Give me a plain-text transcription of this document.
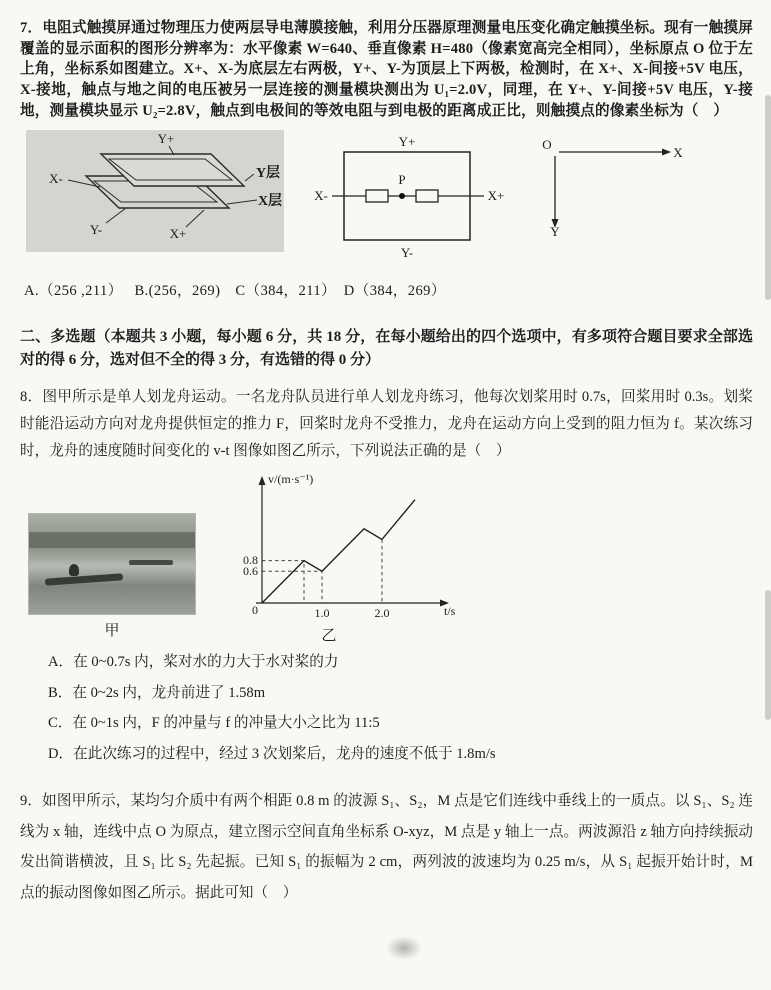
7．电阻式触摸屏通过物理压力使两层导电薄膜接触，利用分压器原理测量电压变化确定触摸坐标。现有一触摸屏覆盖的显示面积的图形分辨率为：水平像素 W=640、垂直像素 H=480（像素宽高完全相同），坐标原点 O 位于左上角，坐标系如图建立。X+、X-为底层左右两极，Y+、Y-为顶层上下两极，检测时，在 X+、X-间接+5V 电压，X-接地，触点与地之间的电压被另一层连接的测量模块测出为 U₁=2.0V，同理，在 Y+、Y-间接+5V 电压，Y-接地，测量模块显示 U₂=2.8V，触点到电极间的等效电阻与到电极的距离成正比，则触摸点的像素坐标为（　）

Y+
X-	Y层
X层
Y-	X+
Y+
Y-
X-	X+
P
O
X
Y

A.（256 ,211）　 B.(256，269)　C（384，211）　D（384，269）

二、多选题（本题共 3 小题，每小题 6 分，共 18 分，在每小题给出的四个选项中，有多项符合题目要求全部选对的得 6 分，选对但不全的得 3 分，有选错的得 0 分）

8．图甲所示是单人划龙舟运动。一名龙舟队员进行单人划龙舟练习，他每次划桨用时 0.7s，回桨用时 0.3s。划桨时能沿运动方向对龙舟提供恒定的推力 F，回桨时龙舟不受推力，龙舟在运动方向上受到的阻力恒为 f。某次练习时，龙舟的速度随时间变化的 v-t 图像如图乙所示，下列说法正确的是（　）

甲
v/(m·s⁻¹)
t/s
0.8
0.6
1.0	2.0
0
乙

A．在 0~0.7s 内，桨对水的力大于水对桨的力

B．在 0~2s 内，龙舟前进了 1.58m

C．在 0~1s 内，F 的冲量与 f 的冲量大小之比为 11:5

D．在此次练习的过程中，经过 3 次划桨后，龙舟的速度不低于 1.8m/s

9．如图甲所示，某均匀介质中有两个相距 0.8 m 的波源 S₁、S₂，M 点是它们连线中垂线上的一质点。以 S₁、S₂ 连线为 x 轴，连线中点 O 为原点，建立图示空间直角坐标系 O-xyz，M 点是 y 轴上一点。两波源沿 z 轴方向持续振动发出简谐横波，且 S₁ 比 S₂ 先起振。已知 S₁ 的振幅为 2 cm，两列波的波速均为 0.25 m/s，从 S₁ 起振开始计时，M 点的振动图像如图乙所示。据此可知（　）
